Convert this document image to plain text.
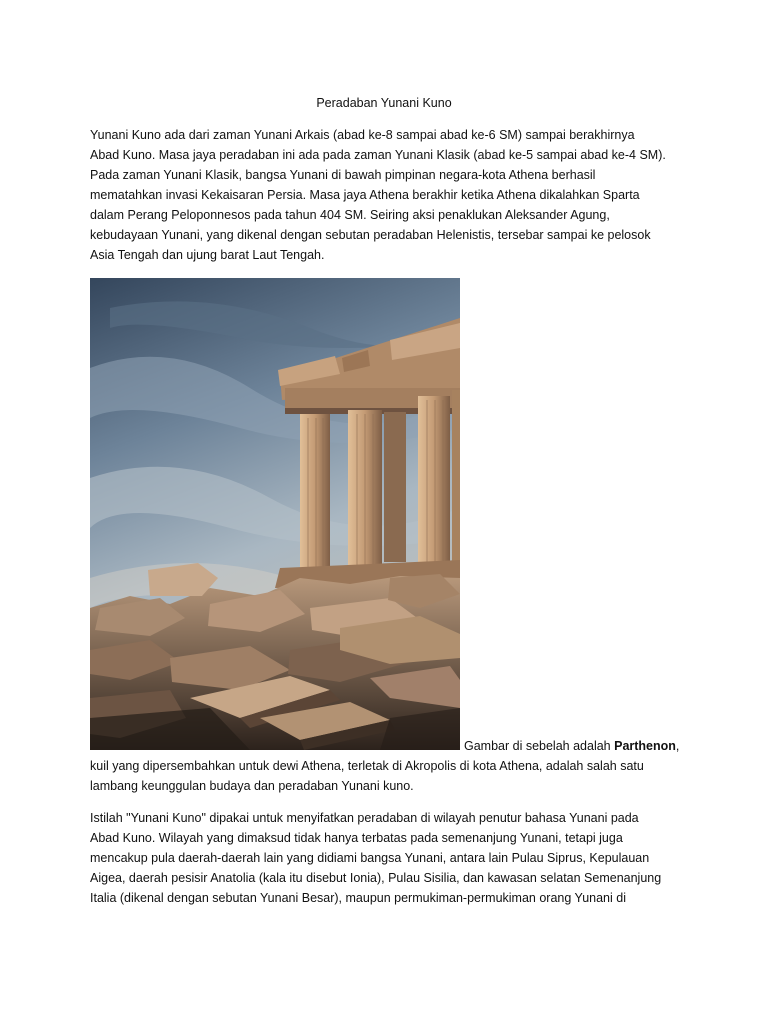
Peradaban Yunani Kuno

Yunani Kuno ada dari zaman Yunani Arkais (abad ke-8 sampai abad ke-6 SM) sampai berakhirnya
Abad Kuno. Masa jaya peradaban ini ada pada zaman Yunani Klasik (abad ke-5 sampai abad ke-4 SM).
Pada zaman Yunani Klasik, bangsa Yunani di bawah pimpinan negara-kota Athena berhasil
mematahkan invasi Kekaisaran Persia. Masa jaya Athena berakhir ketika Athena dikalahkan Sparta
dalam Perang Peloponnesos pada tahun 404 SM. Seiring aksi penaklukan Aleksander Agung,
kebudayaan Yunani, yang dikenal dengan sebutan peradaban Helenistis, tersebar sampai ke pelosok
Asia Tengah dan ujung barat Laut Tengah.

Gambar di sebelah adalah Parthenon,
kuil yang dipersembahkan untuk dewi Athena, terletak di Akropolis di kota Athena, adalah salah satu
lambang keunggulan budaya dan peradaban Yunani kuno.

Istilah "Yunani Kuno" dipakai untuk menyifatkan peradaban di wilayah penutur bahasa Yunani pada
Abad Kuno. Wilayah yang dimaksud tidak hanya terbatas pada semenanjung Yunani, tetapi juga
mencakup pula daerah-daerah lain yang didiami bangsa Yunani, antara lain Pulau Siprus, Kepulauan
Aigea, daerah pesisir Anatolia (kala itu disebut Ionia), Pulau Sisilia, dan kawasan selatan Semenanjung
Italia (dikenal dengan sebutan Yunani Besar), maupun permukiman-permukiman orang Yunani di
